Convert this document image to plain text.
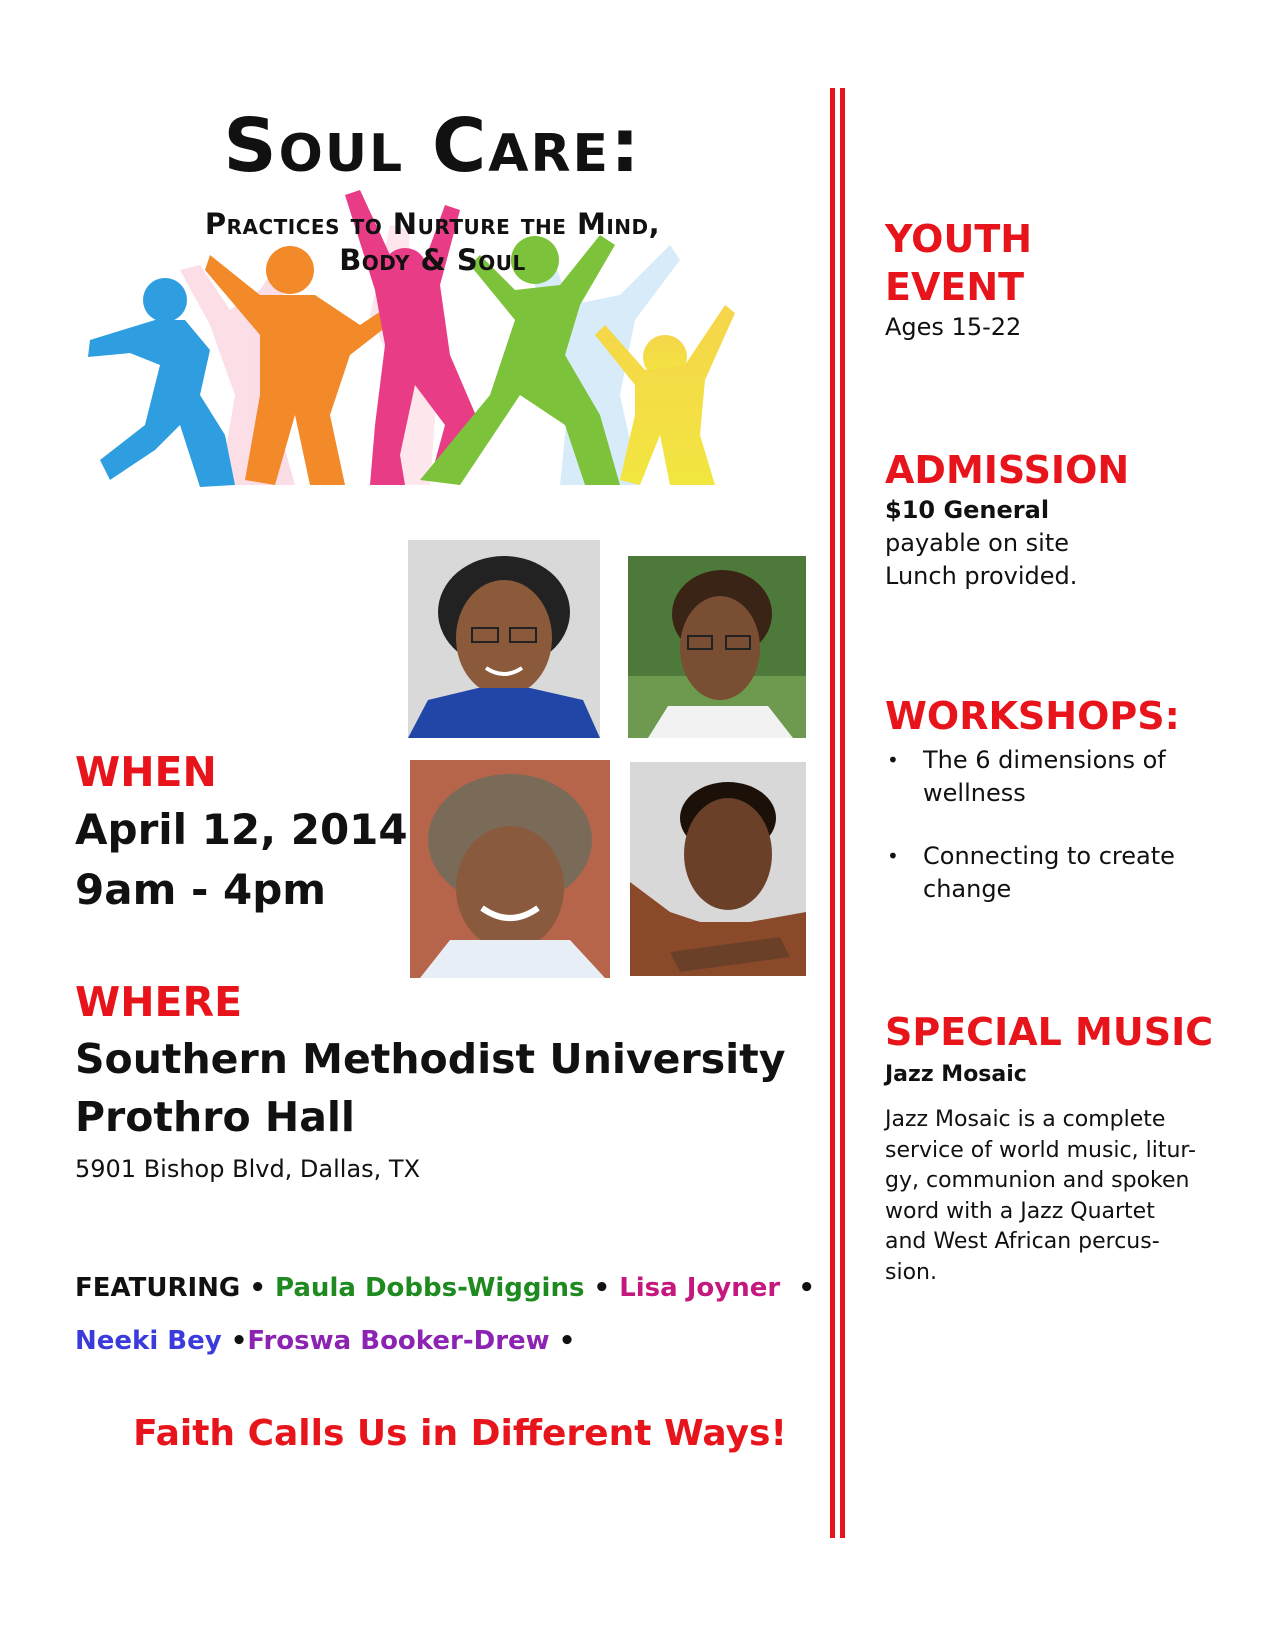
Soul Care:
Practices to Nurture the Mind,
Body & Soul
WHEN
April 12, 2014
9am - 4pm
WHERE
Southern Methodist University
Prothro Hall
5901 Bishop Blvd, Dallas, TX
FEATURING • Paula Dobbs-Wiggins • Lisa Joyner •
Neeki Bey •Froswa Booker-Drew •
Faith Calls Us in Different Ways!
YOUTH
EVENT
Ages 15-22
ADMISSION
$10 General
payable on site
Lunch provided.
WORKSHOPS:
• The 6 dimensions of
wellness
• Connecting to create
change
SPECIAL MUSIC
Jazz Mosaic
Jazz Mosaic is a complete
service of world music, litur-
gy, communion and spoken
word with a Jazz Quartet
and West African percus-
sion.
